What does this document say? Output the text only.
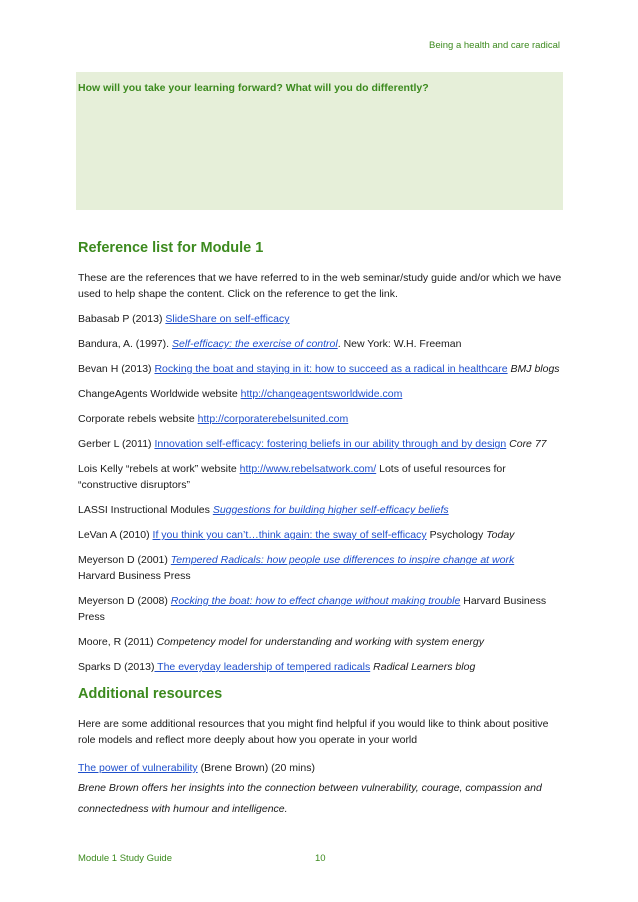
Being a health and care radical

How will you take your learning forward? What will you do differently?

Reference list for Module 1

These are the references that we have referred to in the web seminar/study guide and/or which we have used to help shape the content. Click on the reference to get the link.

Babasab P (2013) SlideShare on self-efficacy

Bandura, A. (1997). Self-efficacy: the exercise of control. New York: W.H. Freeman

Bevan H (2013) Rocking the boat and staying in it: how to succeed as a radical in healthcare BMJ blogs

ChangeAgents Worldwide website http://changeagentsworldwide.com

Corporate rebels website http://corporaterebelsunited.com

Gerber L (2011) Innovation self-efficacy: fostering beliefs in our ability through and by design Core 77

Lois Kelly “rebels at work” website http://www.rebelsatwork.com/ Lots of useful resources for “constructive disruptors”

LASSI Instructional Modules Suggestions for building higher self-efficacy beliefs

LeVan A (2010) If you think you can’t…think again: the sway of self-efficacy Psychology Today

Meyerson D (2001) Tempered Radicals: how people use differences to inspire change at work
Harvard Business Press

Meyerson D (2008) Rocking the boat: how to effect change without making trouble Harvard Business Press

Moore, R (2011) Competency model for understanding and working with system energy

Sparks D (2013) The everyday leadership of tempered radicals Radical Learners blog

Additional resources

Here are some additional resources that you might find helpful if you would like to think about positive role models and reflect more deeply about how you operate in your world

The power of vulnerability (Brene Brown) (20 mins)

Brene Brown offers her insights into the connection between vulnerability, courage, compassion and connectedness with humour and intelligence.

Module 1 Study Guide	10
